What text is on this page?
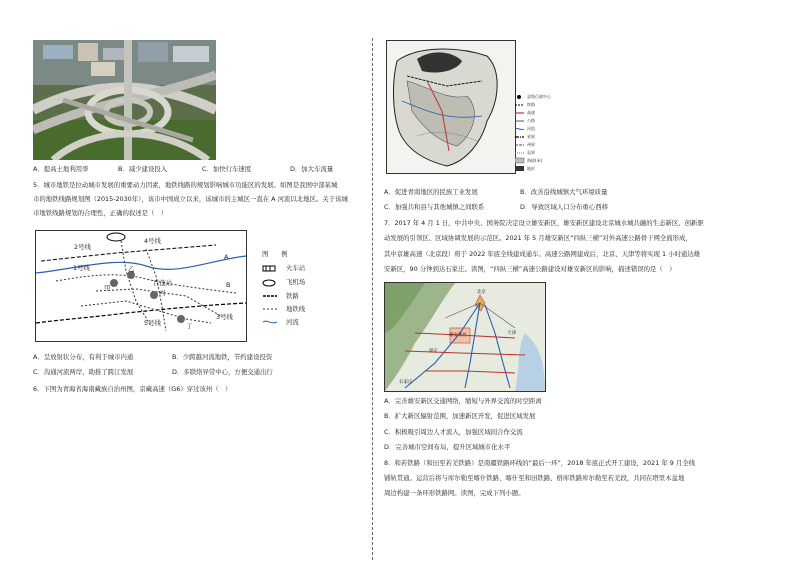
A．提高土地利用率	B．减少建设投入	C．加快行车速度	D．加大车流量
5．城市地铁是拉动城市发展的重要动力因素，地铁线路的规划影响城市功能区的发展。如图是我国中部某城
市的地铁线路规划图（2015-2030年），该市中国成立以来，该城市的主城区一直在 A 河流以北地区。关于该城
市地铁线路规划的合理性，正确的叙述是（　）
2号线
4号线
1号线
A
B
乙
甲
丙
百蓬站
5号线	丁
3号线
图　　例
火车站
飞机场
铁路
地铁线
河流
A．呈放射状分布，有利于城市内通	B．少跨越河流地铁，节约建设投资
C．沟通河流两岸，助推了跨江发展	D．多联络异常中心，方便交通出行
6．下图为青海省海南藏族自治州图，京藏高速（G6）穿过该州（　）
县级行政中心
铁路
高速
公路
河流
省界
州界
县界
海拔(米)
地形
A．促进青南地区的民族工业发展	B．改善沿线城镇大气环境质量
C．加强共和县与其他城镇之间联系	D．导致区域人口分布重心西移
7．2017 年 4 月 1 日，中共中央、国务院决定设立雄安新区，雄安新区建设北京城水城共融的生态新区、创新驱
动发展的引领区、区域协调发展的示范区。2021 年 5 月雄安新区“四纵三横”对外高速公路骨干网全面形成，
其中京雄高速（北京段）将于 2022 年底全线建成通车。高速公路网建成后，北京、天津等将实现 1 小时通达雄
安新区，90 分钟到达石家庄。读图，“四纵三横”高速公路建设对雄安新区的影响，描述错误的是（　）
北京
天津
雄安新区
保定
石家庄
A．完善雄安新区交通网络，缩短与外界交流的时空距离
B．扩大新区辐射范围，加速新区开发，促进区域发展
C．积极吸引周边人才流入，加强区域间合作交流
D．完善城市空间布局，提升区域城市化水平
8．和若铁路（和田至若羌铁路）是南疆铁路环线的“最后一环”，2018 年底正式开工建设，2021 年 9 月全线
铺轨贯通。运营后将与库尔勒至喀什铁路、喀什至和田铁路、格库铁路库尔勒至若羌段，共同在塔里木盆地
周边构建一条环形铁路网。读图，完成下列小题。
